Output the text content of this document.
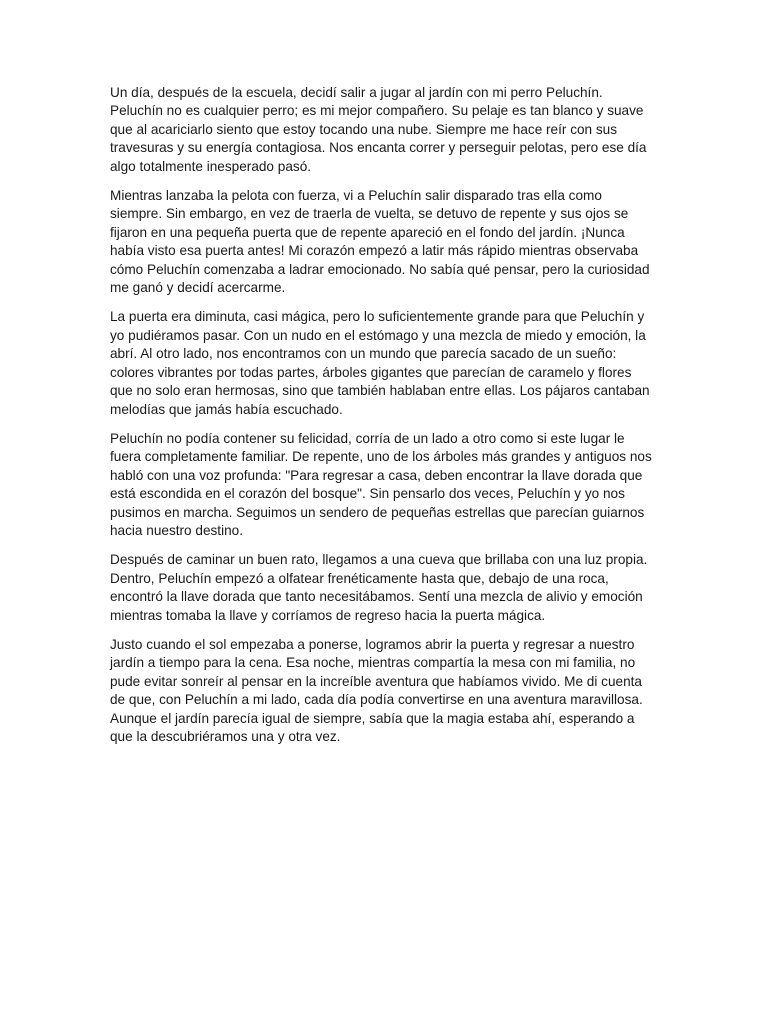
Un día, después de la escuela, decidí salir a jugar al jardín con mi perro Peluchín. Peluchín no es cualquier perro; es mi mejor compañero. Su pelaje es tan blanco y suave que al acariciarlo siento que estoy tocando una nube. Siempre me hace reír con sus travesuras y su energía contagiosa. Nos encanta correr y perseguir pelotas, pero ese día algo totalmente inesperado pasó.

Mientras lanzaba la pelota con fuerza, vi a Peluchín salir disparado tras ella como siempre. Sin embargo, en vez de traerla de vuelta, se detuvo de repente y sus ojos se fijaron en una pequeña puerta que de repente apareció en el fondo del jardín. ¡Nunca había visto esa puerta antes! Mi corazón empezó a latir más rápido mientras observaba cómo Peluchín comenzaba a ladrar emocionado. No sabía qué pensar, pero la curiosidad me ganó y decidí acercarme.

La puerta era diminuta, casi mágica, pero lo suficientemente grande para que Peluchín y yo pudiéramos pasar. Con un nudo en el estómago y una mezcla de miedo y emoción, la abrí. Al otro lado, nos encontramos con un mundo que parecía sacado de un sueño: colores vibrantes por todas partes, árboles gigantes que parecían de caramelo y flores que no solo eran hermosas, sino que también hablaban entre ellas. Los pájaros cantaban melodías que jamás había escuchado.

Peluchín no podía contener su felicidad, corría de un lado a otro como si este lugar le fuera completamente familiar. De repente, uno de los árboles más grandes y antiguos nos habló con una voz profunda: "Para regresar a casa, deben encontrar la llave dorada que está escondida en el corazón del bosque". Sin pensarlo dos veces, Peluchín y yo nos pusimos en marcha. Seguimos un sendero de pequeñas estrellas que parecían guiarnos hacia nuestro destino.

Después de caminar un buen rato, llegamos a una cueva que brillaba con una luz propia. Dentro, Peluchín empezó a olfatear frenéticamente hasta que, debajo de una roca, encontró la llave dorada que tanto necesitábamos. Sentí una mezcla de alivio y emoción mientras tomaba la llave y corríamos de regreso hacia la puerta mágica.

Justo cuando el sol empezaba a ponerse, logramos abrir la puerta y regresar a nuestro jardín a tiempo para la cena. Esa noche, mientras compartía la mesa con mi familia, no pude evitar sonreír al pensar en la increíble aventura que habíamos vivido. Me di cuenta de que, con Peluchín a mi lado, cada día podía convertirse en una aventura maravillosa. Aunque el jardín parecía igual de siempre, sabía que la magia estaba ahí, esperando a que la descubriéramos una y otra vez.
